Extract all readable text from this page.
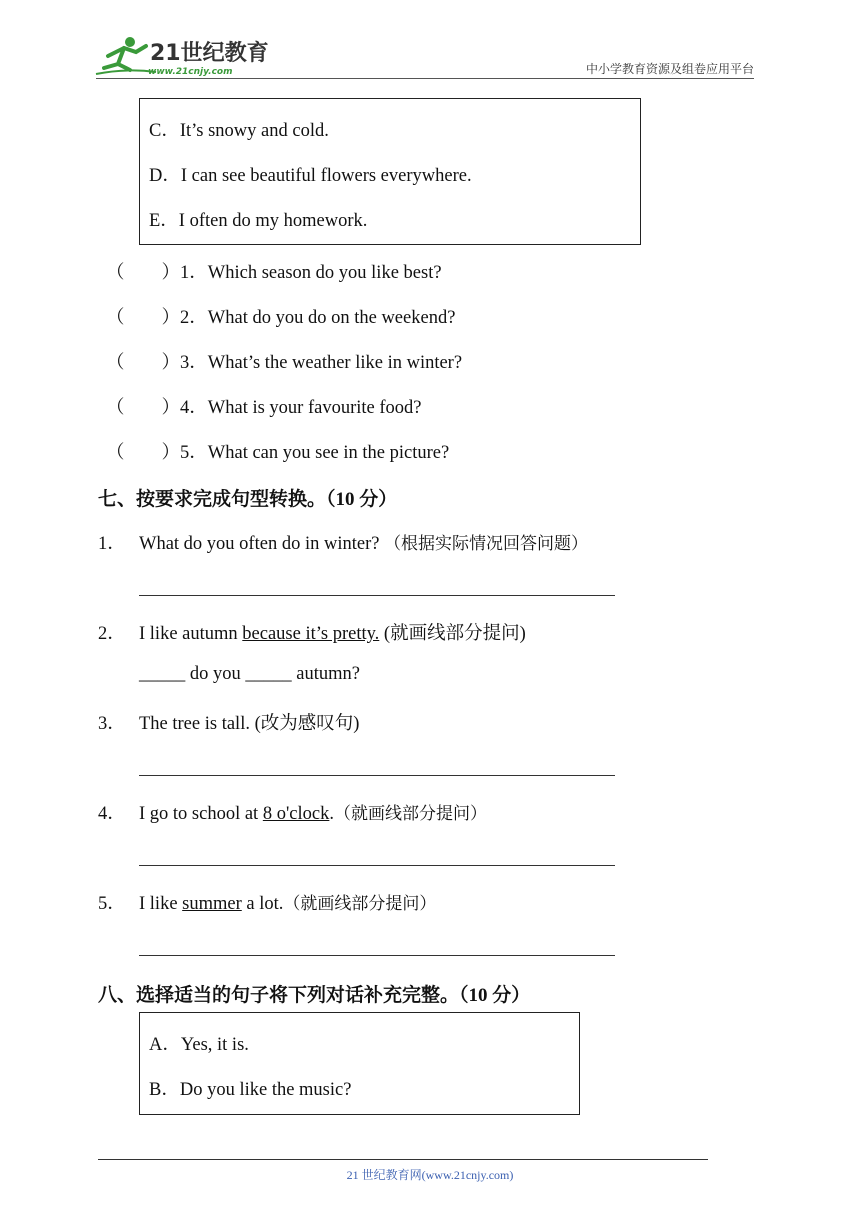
21世纪教育
www.21cnjy.com	中小学教育资源及组卷应用平台
C．It’s snowy and cold.
D．I can see beautiful flowers everywhere.
E．I often do my homework.
（　　）1．Which season do you like best?
（　　）2．What do you do on the weekend?
（　　）3．What’s the weather like in winter?
（　　）4．What is your favourite food?
（　　）5．What can you see in the picture?
七、按要求完成句型转换。（10 分）
1． What do you often do in winter? （根据实际情况回答问题）
2． I like autumn because it’s pretty. (就画线部分提问)
_____ do you _____ autumn?
3． The tree is tall. (改为感叹句)
4． I go to school at 8 o'clock.（就画线部分提问）
5． I like summer a lot.（就画线部分提问）
八、选择适当的句子将下列对话补充完整。（10 分）
A．Yes, it is.
B．Do you like the music?
21 世纪教育网(www.21cnjy.com)
